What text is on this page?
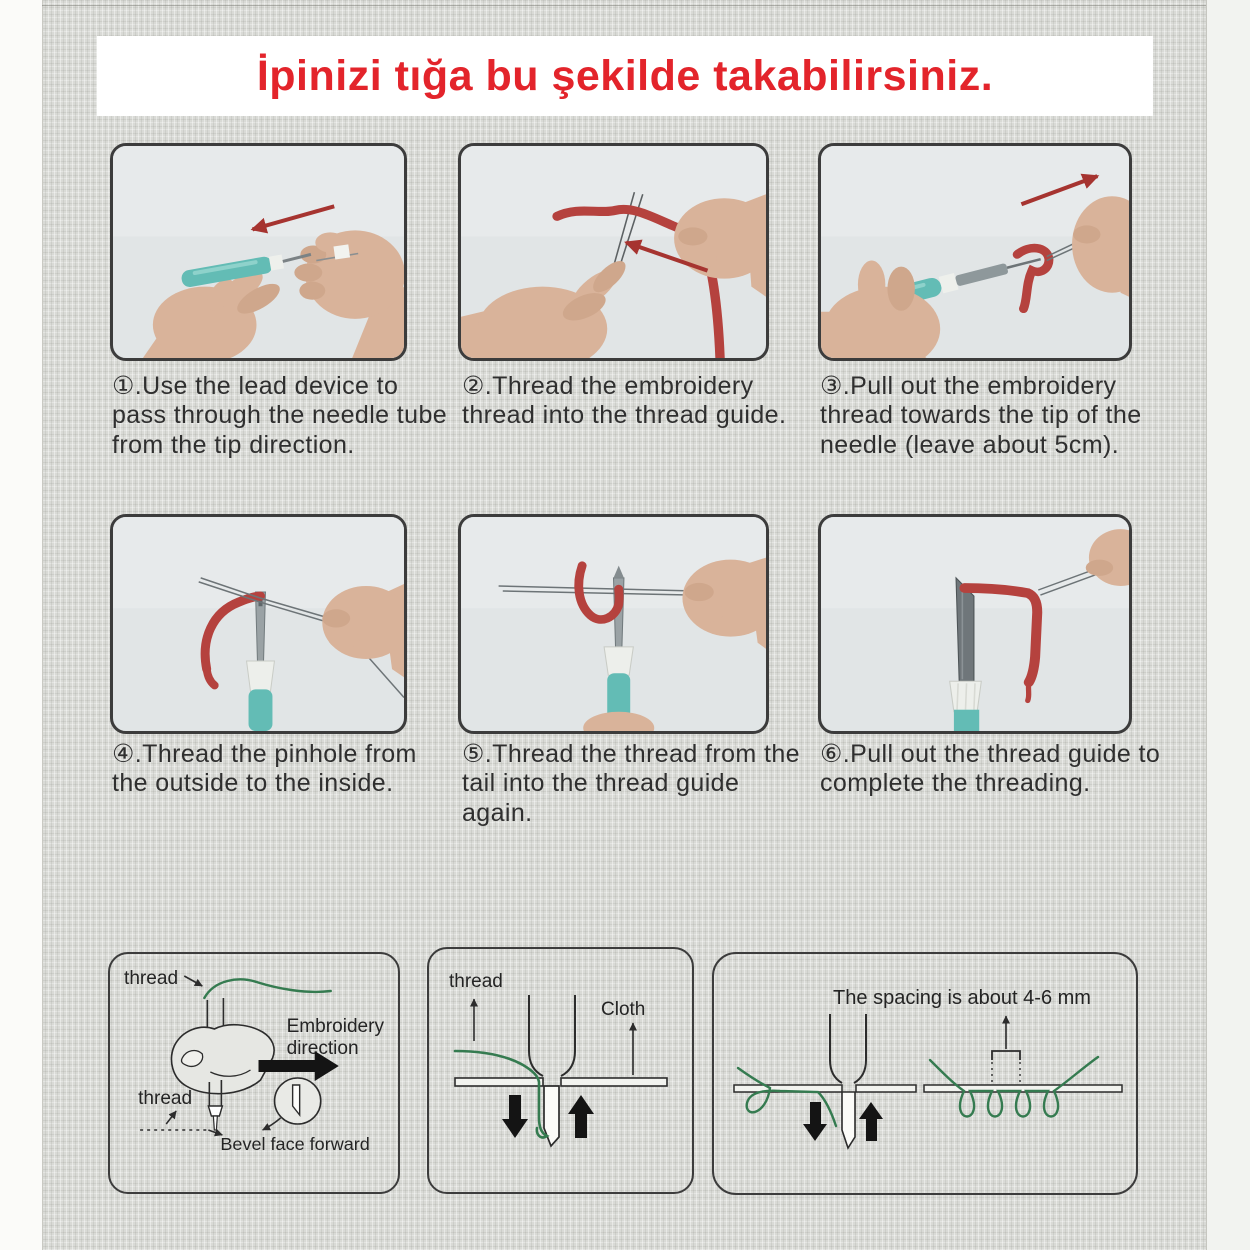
İpinizi tığa bu şekilde takabilirsiniz.
①.Use the lead device to pass through the needle tube from the tip direction.
②.Thread the embroidery thread into the thread guide.
③.Pull out the embroidery thread towards the tip of the needle (leave about 5cm).
④.Thread the pinhole from the outside to the inside.
⑤.Thread the thread from the tail into the thread guide again.
⑥.Pull out the thread guide to complete the threading.
thread
Embroidery
direction
thread
Bevel face forward
thread
Cloth
The spacing is about 4-6 mm
